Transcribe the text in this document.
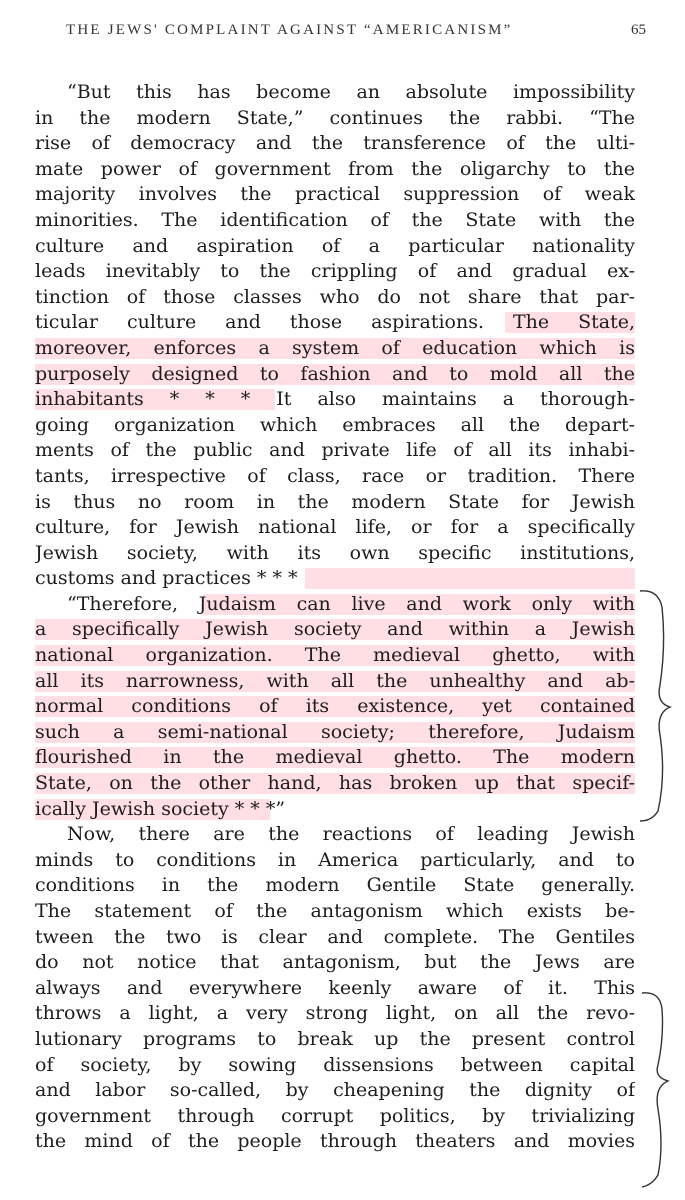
THE JEWS' COMPLAINT AGAINST “AMERICANISM”	65
“But this has become an absolute impossibility
in the modern State,” continues the rabbi. “The
rise of democracy and the transference of the ulti-
mate power of government from the oligarchy to the
majority involves the practical suppression of weak
minorities. The identification of the State with the
culture and aspiration of a particular nationality
leads inevitably to the crippling of and gradual ex-
tinction of those classes who do not share that par-
ticular culture and those aspirations. The State,
moreover, enforces a system of education which is
purposely designed to fashion and to mold all the
inhabitants * * * It also maintains a thorough-
going organization which embraces all the depart-
ments of the public and private life of all its inhabi-
tants, irrespective of class, race or tradition. There
is thus no room in the modern State for Jewish
culture, for Jewish national life, or for a specifically
Jewish society, with its own specific institutions,
customs and practices * * *
“Therefore, Judaism can live and work only with
a specifically Jewish society and within a Jewish
national organization. The medieval ghetto, with
all its narrowness, with all the unhealthy and ab-
normal conditions of its existence, yet contained
such a semi-national society; therefore, Judaism
flourished in the medieval ghetto. The modern
State, on the other hand, has broken up that specif-
ically Jewish society * * *”
Now, there are the reactions of leading Jewish
minds to conditions in America particularly, and to
conditions in the modern Gentile State generally.
The statement of the antagonism which exists be-
tween the two is clear and complete. The Gentiles
do not notice that antagonism, but the Jews are
always and everywhere keenly aware of it. This
throws a light, a very strong light, on all the revo-
lutionary programs to break up the present control
of society, by sowing dissensions between capital
and labor so-called, by cheapening the dignity of
government through corrupt politics, by trivializing
the mind of the people through theaters and movies
